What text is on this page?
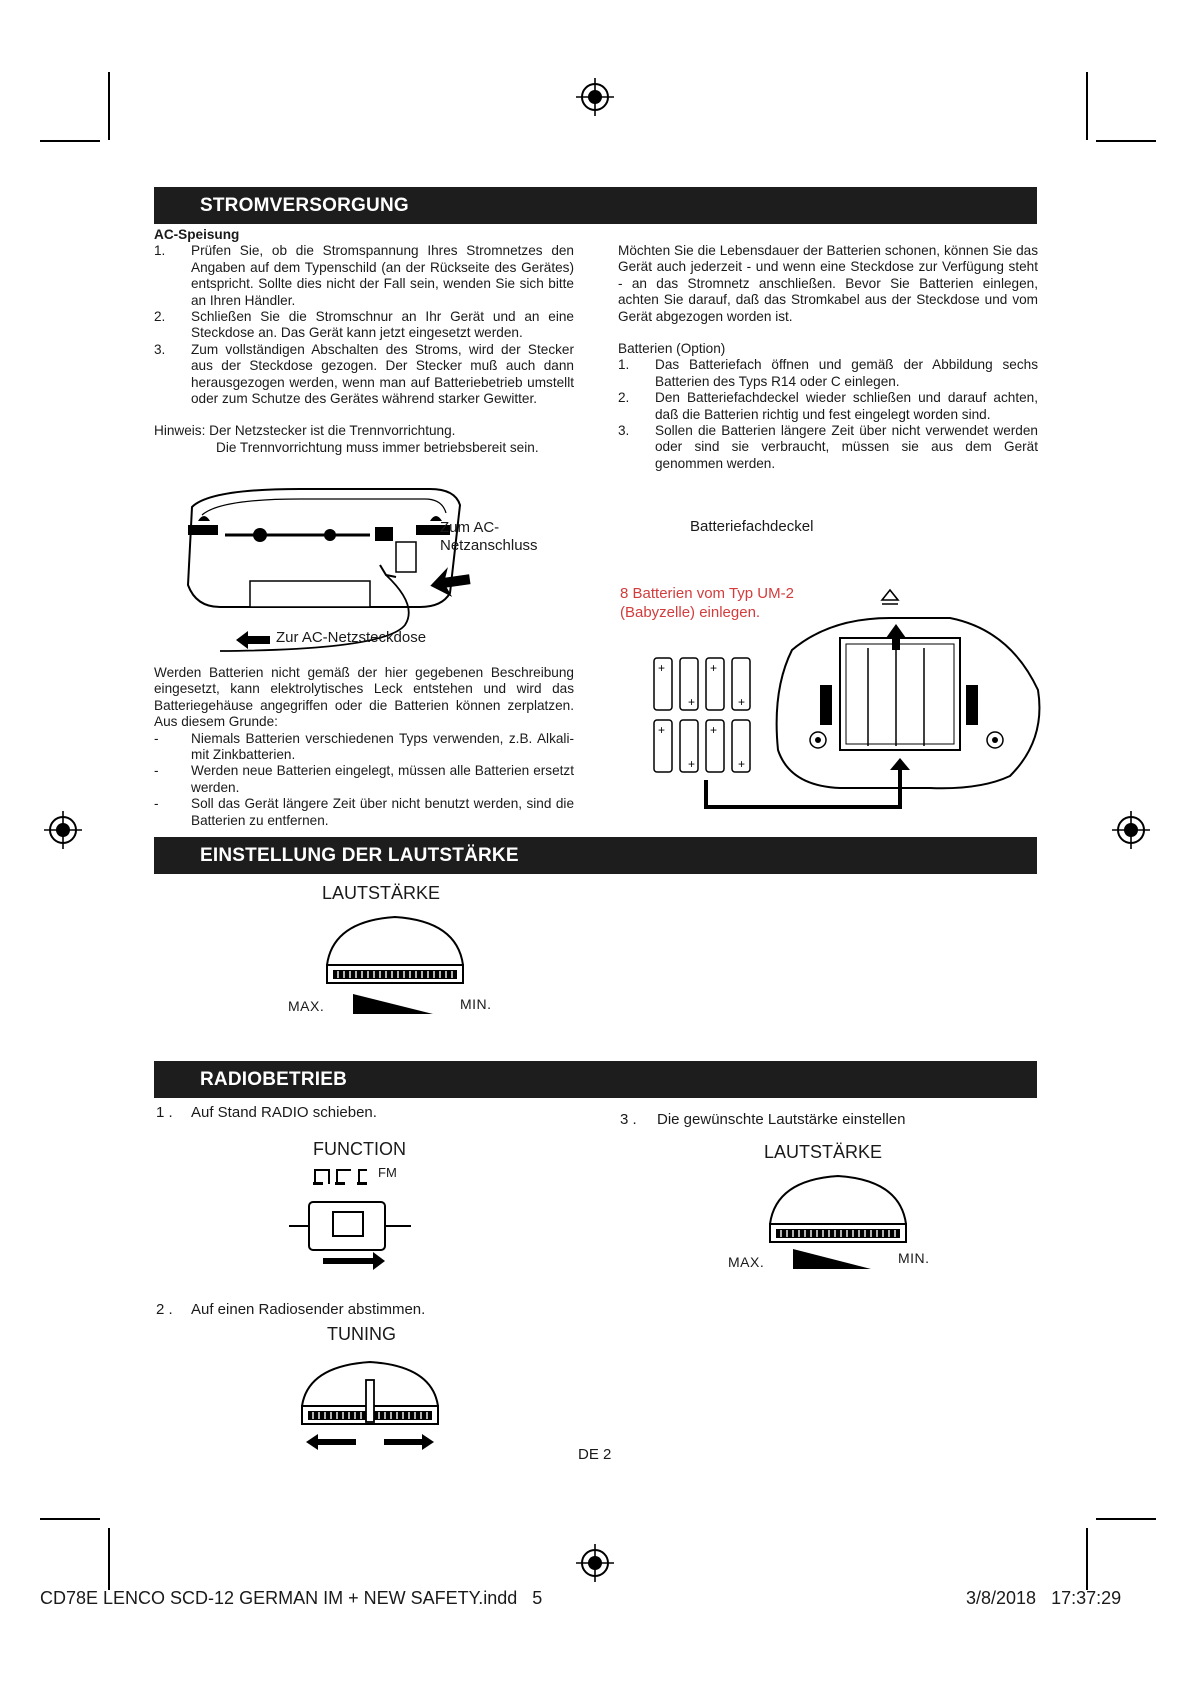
STROMVERSORGUNG
AC-Speisung
1.	Prüfen Sie, ob die Stromspannung Ihres Stromnetzes den Angaben auf dem Typenschild (an der Rückseite des Gerätes) entspricht. Sollte dies nicht der Fall sein, wenden Sie sich bitte an Ihren Händler.
2.	Schließen Sie die Stromschnur an Ihr Gerät und an eine Steckdose an. Das Gerät kann jetzt eingesetzt werden.
3.	Zum vollständigen Abschalten des Stroms, wird der Stecker aus der Steckdose gezogen. Der Stecker muß auch dann herausgezogen werden, wenn man auf Batteriebetrieb umstellt oder zum Schutze des Gerätes während starker Gewitter.
Hinweis: Der Netzstecker ist die Trennvorrichtung.
Die Trennvorrichtung muss immer betriebsbereit sein.
Zum AC-
Netzanschluss
Zur AC-Netzsteckdose
Werden Batterien nicht gemäß der hier gegebenen Beschreibung eingesetzt, kann elektrolytisches Leck entstehen und wird das Batteriegehäuse angegriffen oder die Batterien können zerplatzen. Aus diesem Grunde:
-	Niemals Batterien verschiedenen Typs verwenden, z.B. Alkali- mit Zinkbatterien.
-	Werden neue Batterien eingelegt, müssen alle Batterien ersetzt werden.
-	Soll das Gerät längere Zeit über nicht benutzt werden, sind die Batterien zu entfernen.
Möchten Sie die Lebensdauer der Batterien schonen, können Sie das Gerät auch jederzeit - und wenn eine Steckdose zur Verfügung steht - an das Stromnetz anschließen. Bevor Sie Batterien einlegen, achten Sie darauf, daß das Stromkabel aus der Steckdose und vom Gerät abgezogen worden ist.
Batterien (Option)
1.	Das Batteriefach öffnen und gemäß der Abbildung sechs Batterien des Typs R14 oder C einlegen.
2.	Den Batteriefachdeckel wieder schließen und darauf achten, daß die Batterien richtig und fest eingelegt worden sind.
3.	Sollen die Batterien längere Zeit über nicht verwendet werden oder sind sie verbraucht, müssen sie aus dem Gerät genommen werden.
Batteriefachdeckel
8 Batterien vom Typ UM-2
(Babyzelle) einlegen.
+
+
+
+
+
+
+
+
EINSTELLUNG DER LAUTSTÄRKE
LAUTSTÄRKE
MAX.	MIN.
RADIOBETRIEB
1 . Auf Stand RADIO schieben.
FUNCTION
FM
2 . Auf einen Radiosender abstimmen.
TUNING
3 . Die gewünschte Lautstärke einstellen
LAUTSTÄRKE
MAX.	MIN.
DE 2
CD78E LENCO SCD-12 GERMAN IM + NEW SAFETY.indd   5	3/8/2018   17:37:29
